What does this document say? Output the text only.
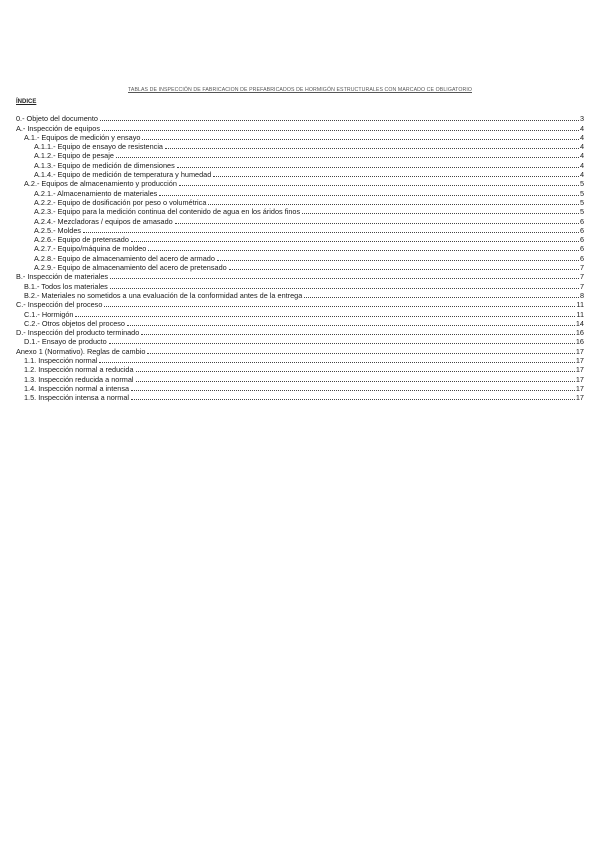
TABLAS DE INSPECCIÓN DE FABRICACION DE PREFABRICADOS DE HORMIGÓN ESTRUCTURALES CON MARCADO CE OBLIGATORIO
ÍNDICE
0.- Objeto del documento	3
A.- Inspección de equipos	4
A.1.- Equipos de medición y ensayo	4
A.1.1.- Equipo de ensayo de resistencia	4
A.1.2.- Equipo de pesaje	4
A.1.3.- Equipo de medición de dimensiones	4
A.1.4.- Equipo de medición de temperatura y humedad	4
A.2.- Equipos de almacenamiento y producción	5
A.2.1.- Almacenamiento de materiales	5
A.2.2.- Equipo de dosificación por peso o volumétrica	5
A.2.3.- Equipo para la medición continua del contenido de agua en los áridos finos	5
A.2.4.- Mezcladoras / equipos de amasado	6
A.2.5.- Moldes	6
A.2.6.- Equipo de pretensado	6
A.2.7.- Equipo/máquina de moldeo	6
A.2.8.- Equipo de almacenamiento del acero de armado	6
A.2.9.- Equipo de almacenamiento del acero de pretensado	7
B.- Inspección de materiales	7
B.1.- Todos los materiales	7
B.2.- Materiales no sometidos a una evaluación de la conformidad antes de la entrega	8
C.- Inspección del proceso	11
C.1.- Hormigón	11
C.2.- Otros objetos del proceso	14
D.- Inspección del producto terminado	16
D.1.- Ensayo de producto	16
Anexo 1 (Normativo). Reglas de cambio	17
1.1. Inspección normal	17
1.2. Inspección normal a reducida	17
1.3. Inspección reducida a normal	17
1.4. Inspección normal a intensa	17
1.5. Inspección intensa a normal	17
